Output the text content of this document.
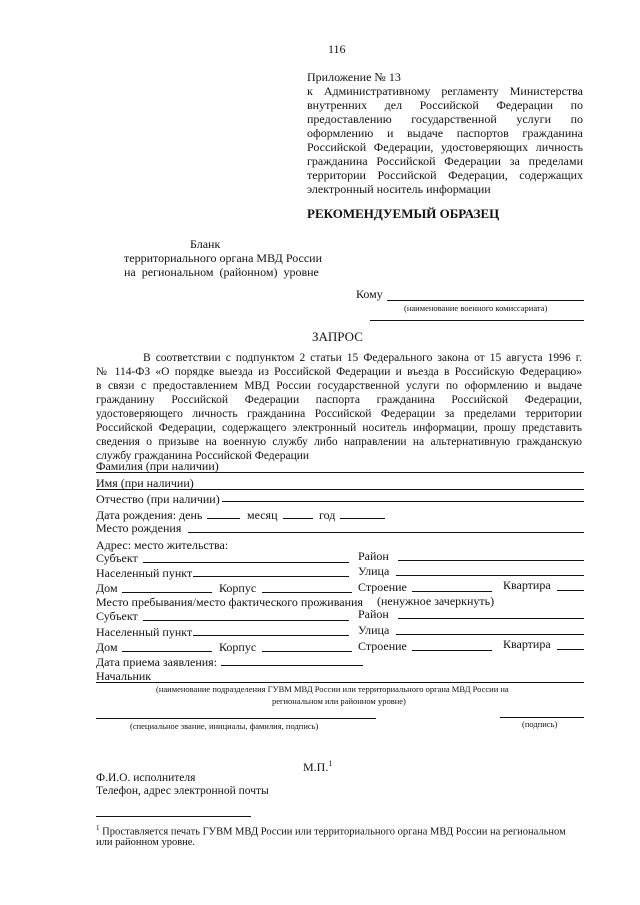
116
Приложение № 13
к Административному регламенту Министерства
внутренних дел Российской Федерации по
предоставлению государственной услуги по
оформлению и выдаче паспортов гражданина
Российской Федерации, удостоверяющих личность
гражданина Российской Федерации за пределами
территории Российской Федерации, содержащих
электронный носитель информации
РЕКОМЕНДУЕМЫЙ ОБРАЗЕЦ
Бланк
территориального органа МВД России
на региональном (районном) уровне
Кому
(наименование военного комиссариата)
ЗАПРОС
В соответствии с подпунктом 2 статьи 15 Федерального закона от 15 августа 1996 г.
№ 114-ФЗ «О порядке выезда из Российской Федерации и въезда в Российскую Федерацию»
в связи с предоставлением МВД России государственной услуги по оформлению и выдаче
гражданину Российской Федерации паспорта гражданина Российской Федерации,
удостоверяющего личность гражданина Российской Федерации за пределами территории
Российской Федерации, содержащего электронный носитель информации, прошу представить
сведения о призыве на военную службу либо направлении на альтернативную гражданскую
службу гражданина Российской Федерации
Фамилия (при наличии)
Имя (при наличии)
Отчество (при наличии)
Дата рождения: день	месяц	год
Место рождения
Адрес: место жительства:
Субъект	Район
Населенный пункт	Улица
Дом	Корпус	Строение	Квартира
Место пребывания/место фактического проживания (ненужное зачеркнуть)
Субъект	Район
Населенный пункт	Улица
Дом	Корпус	Строение	Квартира
Дата приема заявления:
Начальник
(наименование подразделения ГУВМ МВД России или территориального органа МВД России на
региональном или районном уровне)
(специальное звание, инициалы, фамилия, подпись)	(подпись)
М.П.$^1$
Ф.И.О. исполнителя
Телефон, адрес электронной почты
$^1$ Проставляется печать ГУВМ МВД России или территориального органа МВД России на региональном
или районном уровне.
